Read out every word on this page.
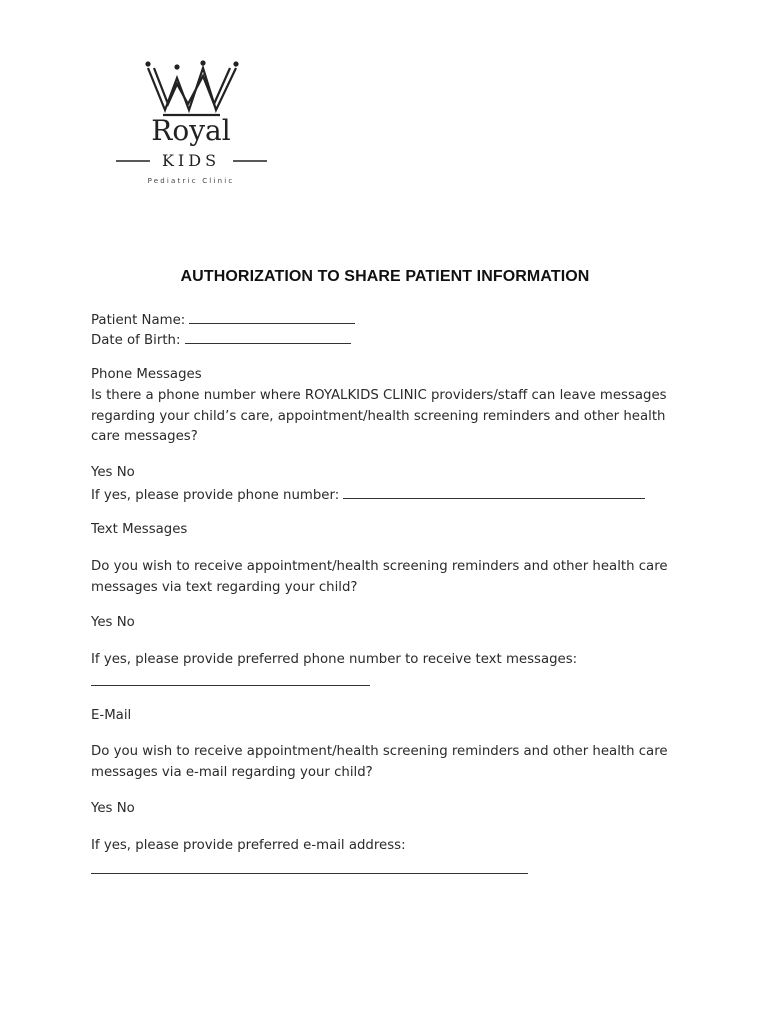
Royal
KIDS
Pediatric Clinic
AUTHORIZATION TO SHARE PATIENT INFORMATION
Patient Name:
Date of Birth:
Phone Messages
Is there a phone number where ROYALKIDS CLINIC providers/staff can leave messages regarding your child’s care, appointment/health screening reminders and other health care messages?
Yes No
If yes, please provide phone number:
Text Messages
Do you wish to receive appointment/health screening reminders and other health care messages via text regarding your child?
Yes No
If yes, please provide preferred phone number to receive text messages:
E-Mail
Do you wish to receive appointment/health screening reminders and other health care messages via e-mail regarding your child?
Yes No
If yes, please provide preferred e-mail address:
